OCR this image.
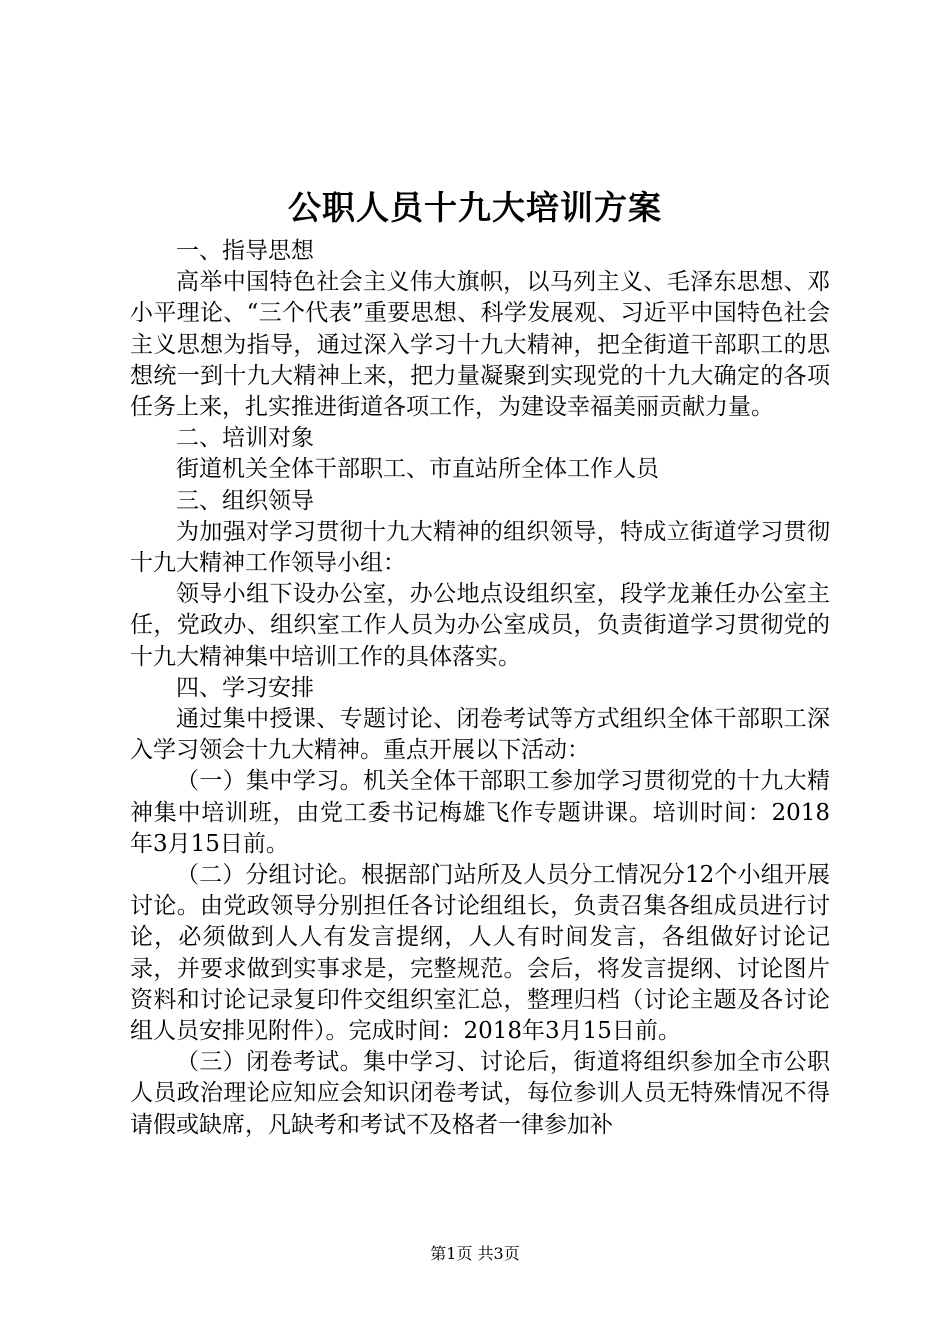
公职人员十九大培训方案

一、指导思想

高举中国特色社会主义伟大旗帜，以马列主义、毛泽东思想、邓小平理论、“三个代表”重要思想、科学发展观、习近平中国特色社会主义思想为指导，通过深入学习十九大精神，把全街道干部职工的思想统一到十九大精神上来，把力量凝聚到实现党的十九大确定的各项任务上来，扎实推进街道各项工作，为建设幸福美丽贡献力量。

二、培训对象

街道机关全体干部职工、市直站所全体工作人员

三、组织领导

为加强对学习贯彻十九大精神的组织领导，特成立街道学习贯彻十九大精神工作领导小组：

领导小组下设办公室，办公地点设组织室，段学龙兼任办公室主任，党政办、组织室工作人员为办公室成员，负责街道学习贯彻党的十九大精神集中培训工作的具体落实。

四、学习安排

通过集中授课、专题讨论、闭卷考试等方式组织全体干部职工深入学习领会十九大精神。重点开展以下活动：

（一）集中学习。机关全体干部职工参加学习贯彻党的十九大精神集中培训班，由党工委书记梅雄飞作专题讲课。培训时间：2018年3月15日前。

（二）分组讨论。根据部门站所及人员分工情况分12个小组开展讨论。由党政领导分别担任各讨论组组长，负责召集各组成员进行讨论，必须做到人人有发言提纲，人人有时间发言，各组做好讨论记录，并要求做到实事求是，完整规范。会后，将发言提纲、讨论图片资料和讨论记录复印件交组织室汇总，整理归档（讨论主题及各讨论组人员安排见附件）。完成时间：2018年3月15日前。

（三）闭卷考试。集中学习、讨论后，街道将组织参加全市公职人员政治理论应知应会知识闭卷考试，每位参训人员无特殊情况不得请假或缺席，凡缺考和考试不及格者一律参加补

第1页 共3页
